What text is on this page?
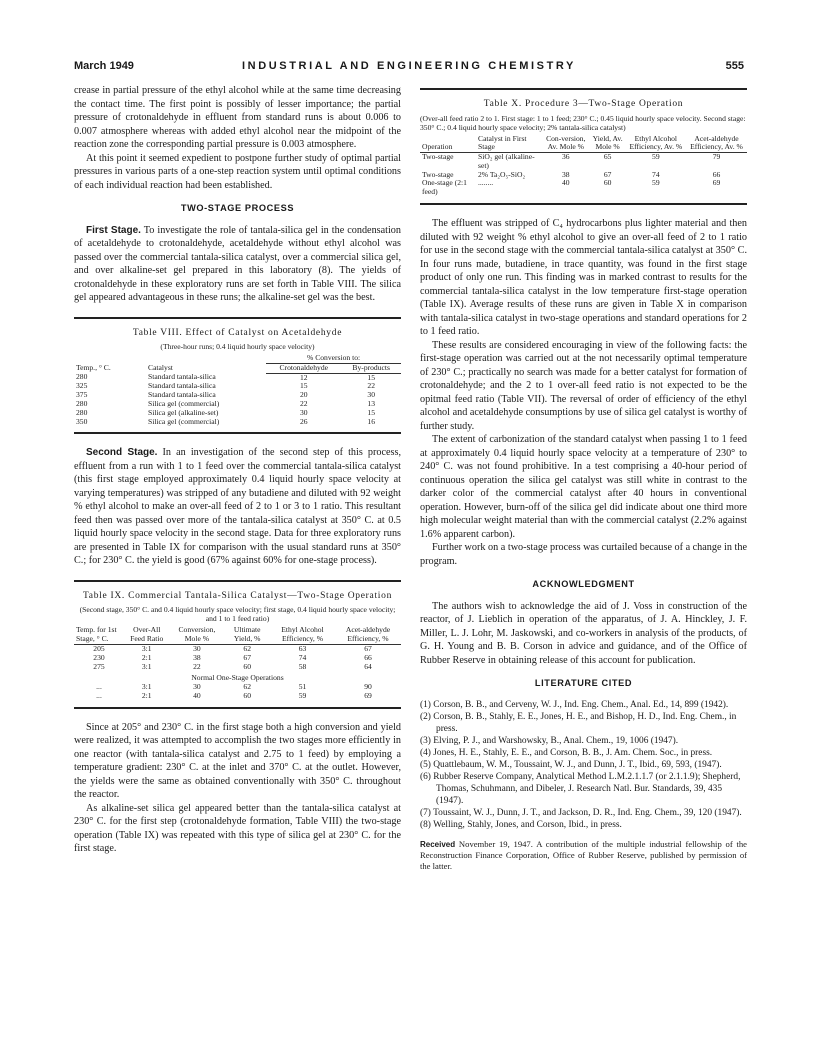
March 1949	INDUSTRIAL AND ENGINEERING CHEMISTRY	555

crease in partial pressure of the ethyl alcohol while at the same time decreasing the contact time. The first point is possibly of lesser importance; the partial pressure of crotonaldehyde in effluent from standard runs is about 0.006 to 0.007 atmosphere whereas with added ethyl alcohol near the midpoint of the reaction zone the corresponding partial pressure is 0.003 atmosphere.

At this point it seemed expedient to postpone further study of optimal partial pressures in various parts of a one-step reaction system until optimal conditions of each individual reaction had been established.

TWO-STAGE PROCESS

First Stage. To investigate the role of tantala-silica gel in the condensation of acetaldehyde to crotonaldehyde, acetaldehyde without ethyl alcohol was passed over the commercial tantala-silica catalyst, over a commercial silica gel, and over alkaline-set gel prepared in this laboratory (8). The yields of crotonaldehyde in these exploratory runs are set forth in Table VIII. The silica gel appeared advantageous in these runs; the alkaline-set gel was the best.

Table VIII. Effect of Catalyst on Acetaldehyde
(Three-hour runs; 0.4 liquid hourly space velocity)
Temp., ° C.	Catalyst	% Conversion to:	
		Crotonaldehyde	By-products
280	Standard tantala-silica	12	15
325	Standard tantala-silica	15	22
375	Standard tantala-silica	20	30
280	Silica gel (commercial)	22	13
280	Silica gel (alkaline-set)	30	15
350	Silica gel (commercial)	26	16

Second Stage. In an investigation of the second step of this process, effluent from a run with 1 to 1 feed over the commercial tantala-silica catalyst (this first stage employed approximately 0.4 liquid hourly space velocity at varying temperatures) was stripped of any butadiene and diluted with 92 weight % ethyl alcohol to make an over-all feed of 2 to 1 or 3 to 1 ratio. This resultant feed then was passed over more of the tantala-silica catalyst at 350° C. at 0.5 liquid hourly space velocity in the second stage. Data for three exploratory runs are presented in Table IX for comparison with the usual standard runs at 350° C.; for 230° C. the yield is good (67% against 60% for one-stage process).

Table IX. Commercial Tantala-Silica Catalyst—Two-Stage Operation
(Second stage, 350° C. and 0.4 liquid hourly space velocity; first stage, 0.4 liquid hourly space velocity; and 1 to 1 feed ratio)
Temp. for 1st Stage, ° C.	Over-All Feed Ratio	Conversion, Mole %	Ultimate Yield, %	Ethyl Alcohol Efficiency, %	Acet-aldehyde Efficiency, %
205	3:1	30	62	63	67
230	2:1	38	67	74	66
275	3:1	22	60	58	64
Normal One-Stage Operations					
...	3:1	30	62	51	90
...	2:1	40	60	59	69

Since at 205° and 230° C. in the first stage both a high conversion and yield were realized, it was attempted to accomplish the two stages more efficiently in one reactor (with tantala-silica catalyst and 2.75 to 1 feed) by employing a temperature gradient: 230° C. at the inlet and 370° C. at the outlet. However, the yields were the same as obtained conventionally with 350° C. throughout the reactor.

As alkaline-set silica gel appeared better than the tantala-silica catalyst at 230° C. for the first step (crotonaldehyde formation, Table VIII) the two-stage operation (Table IX) was repeated with this type of silica gel at 230° C. for the first stage.

Table X. Procedure 3—Two-Stage Operation
(Over-all feed ratio 2 to 1. First stage: 1 to 1 feed; 230° C.; 0.45 liquid hourly space velocity. Second stage: 350° C.; 0.4 liquid hourly space velocity; 2% tantala-silica catalyst)
Operation	Catalyst in First Stage	Con-version, Av. Mole %	Yield, Av. Mole %	Ethyl Alcohol Efficiency, Av. %	Acet-aldehyde Efficiency, Av. %
Two-stage	SiO₂ gel (alkaline-set)	36	65	59	79
Two-stage	2% Ta₂O₅-SiO₂	38	67	74	66
One-stage (2:1 feed)	........	40	60	59	69

The effluent was stripped of C₄ hydrocarbons plus lighter material and then diluted with 92 weight % ethyl alcohol to give an over-all feed of 2 to 1 ratio for use in the second stage with the commercial tantala-silica catalyst at 350° C. In four runs made, butadiene, in trace quantity, was found in the first stage product of only one run. This finding was in marked contrast to results for the commercial tantala-silica catalyst in the low temperature first-stage operation (Table IX). Average results of these runs are given in Table X in comparison with tantala-silica catalyst in two-stage operations and standard operations for 2 to 1 feed ratio.

These results are considered encouraging in view of the following facts: the first-stage operation was carried out at the not necessarily optimal temperature of 230° C.; practically no search was made for a better catalyst for formation of crotonaldehyde; and the 2 to 1 over-all feed ratio is not expected to be the opitmal feed ratio (Table VII). The reversal of order of efficiency of the ethyl alcohol and acetaldehyde consumptions by use of silica gel catalyst is worthy of further study.

The extent of carbonization of the standard catalyst when passing 1 to 1 feed at approximately 0.4 liquid hourly space velocity at a temperature of 230° to 240° C. was not found prohibitive. In a test comprising a 40-hour period of continuous operation the silica gel catalyst was still white in contrast to the darker color of the commercial catalyst after 40 hours in conventional operation. However, burn-off of the silica gel did indicate about one third more high molecular weight material than with the commercial catalyst (2.2% against 1.6% apparent carbon).

Further work on a two-stage process was curtailed because of a change in the program.

ACKNOWLEDGMENT

The authors wish to acknowledge the aid of J. Voss in construction of the reactor, of J. Lieblich in operation of the apparatus, of J. A. Hinckley, J. F. Miller, L. J. Lohr, M. Jaskowski, and co-workers in analysis of the products, of G. H. Young and B. B. Corson in advice and guidance, and of the Office of Rubber Reserve in obtaining release of this account for publication.

LITERATURE CITED
(1) Corson, B. B., and Cerveny, W. J., Ind. Eng. Chem., Anal. Ed., 14, 899 (1942).
(2) Corson, B. B., Stahly, E. E., Jones, H. E., and Bishop, H. D., Ind. Eng. Chem., in press.
(3) Elving, P. J., and Warshowsky, B., Anal. Chem., 19, 1006 (1947).
(4) Jones, H. E., Stahly, E. E., and Corson, B. B., J. Am. Chem. Soc., in press.
(5) Quattlebaum, W. M., Toussaint, W. J., and Dunn, J. T., Ibid., 69, 593, (1947).
(6) Rubber Reserve Company, Analytical Method L.M.2.1.1.7 (or 2.1.1.9); Shepherd, Thomas, Schuhmann, and Dibeler, J. Research Natl. Bur. Standards, 39, 435 (1947).
(7) Toussaint, W. J., Dunn, J. T., and Jackson, D. R., Ind. Eng. Chem., 39, 120 (1947).
(8) Welling, Stahly, Jones, and Corson, Ibid., in press.
Received November 19, 1947. A contribution of the multiple industrial fellowship of the Reconstruction Finance Corporation, Office of Rubber Reserve, published by permission of the latter.
